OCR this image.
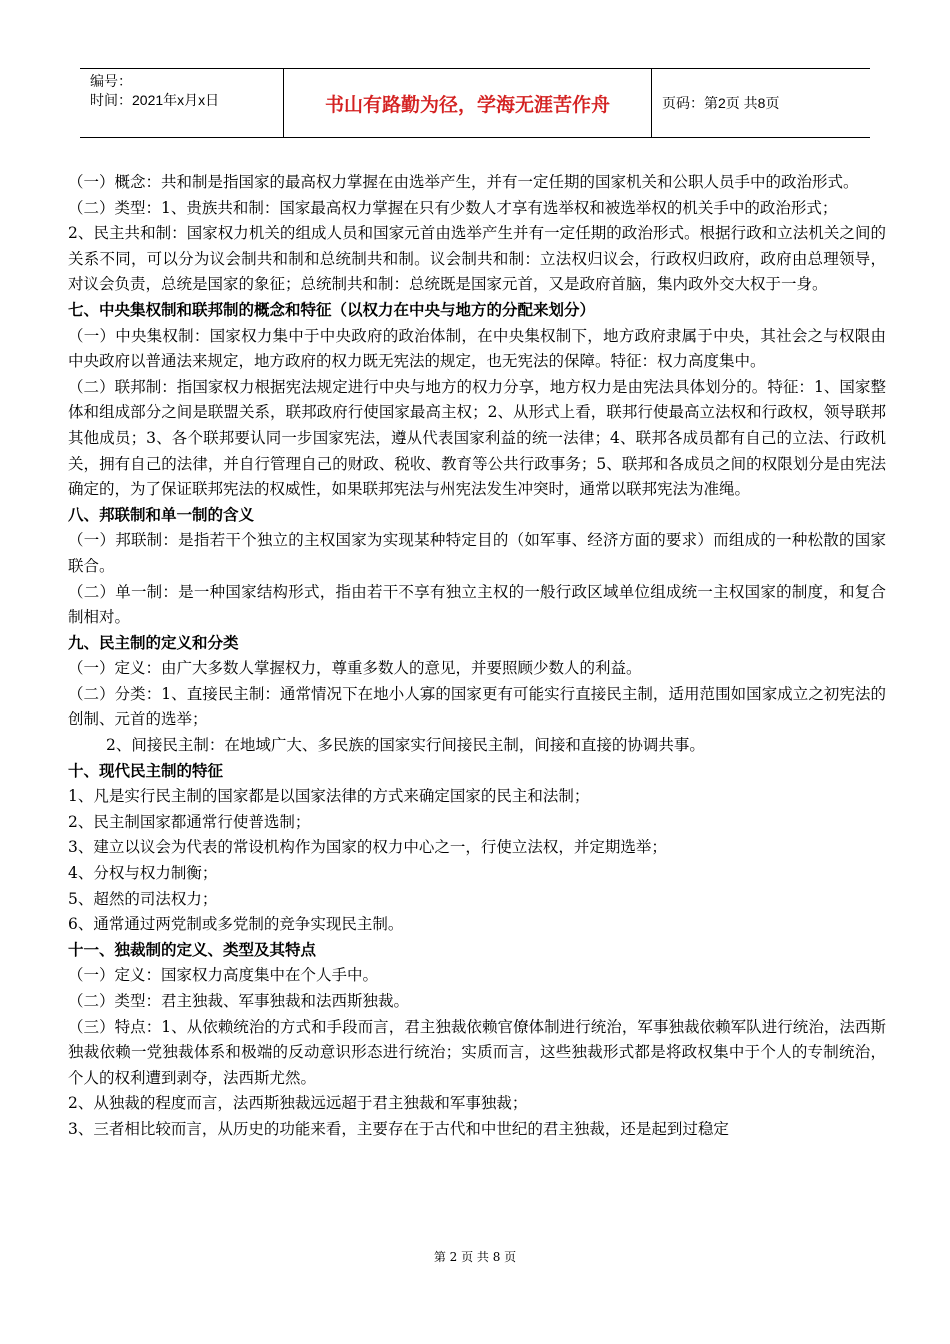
编号：
时间：2021年x月x日	书山有路勤为径，学海无涯苦作舟	页码：第2页 共8页

（一）概念：共和制是指国家的最高权力掌握在由选举产生，并有一定任期的国家机关和公职人员手中的政治形式。

（二）类型：1、贵族共和制：国家最高权力掌握在只有少数人才享有选举权和被选举权的机关手中的政治形式；

2、民主共和制：国家权力机关的组成人员和国家元首由选举产生并有一定任期的政治形式。根据行政和立法机关之间的关系不同，可以分为议会制共和制和总统制共和制。议会制共和制：立法权归议会，行政权归政府，政府由总理领导，对议会负责，总统是国家的象征；总统制共和制：总统既是国家元首，又是政府首脑，集内政外交大权于一身。

七、中央集权制和联邦制的概念和特征（以权力在中央与地方的分配来划分）

（一）中央集权制：国家权力集中于中央政府的政治体制，在中央集权制下，地方政府隶属于中央，其社会之与权限由中央政府以普通法来规定，地方政府的权力既无宪法的规定，也无宪法的保障。特征：权力高度集中。

（二）联邦制：指国家权力根据宪法规定进行中央与地方的权力分享，地方权力是由宪法具体划分的。特征：1、国家整体和组成部分之间是联盟关系，联邦政府行使国家最高主权；2、从形式上看，联邦行使最高立法权和行政权，领导联邦其他成员；3、各个联邦要认同一步国家宪法，遵从代表国家利益的统一法律；4、联邦各成员都有自己的立法、行政机关，拥有自己的法律，并自行管理自己的财政、税收、教育等公共行政事务；5、联邦和各成员之间的权限划分是由宪法确定的，为了保证联邦宪法的权威性，如果联邦宪法与州宪法发生冲突时，通常以联邦宪法为准绳。

八、邦联制和单一制的含义

（一）邦联制：是指若干个独立的主权国家为实现某种特定目的（如军事、经济方面的要求）而组成的一种松散的国家联合。

（二）单一制：是一种国家结构形式，指由若干不享有独立主权的一般行政区域单位组成统一主权国家的制度，和复合制相对。

九、民主制的定义和分类

（一）定义：由广大多数人掌握权力，尊重多数人的意见，并要照顾少数人的利益。

（二）分类：1、直接民主制：通常情况下在地小人寡的国家更有可能实行直接民主制，适用范围如国家成立之初宪法的创制、元首的选举；

2、间接民主制：在地域广大、多民族的国家实行间接民主制，间接和直接的协调共事。

十、现代民主制的特征

1、凡是实行民主制的国家都是以国家法律的方式来确定国家的民主和法制；

2、民主制国家都通常行使普选制；

3、建立以议会为代表的常设机构作为国家的权力中心之一，行使立法权，并定期选举；

4、分权与权力制衡；

5、超然的司法权力；

6、通常通过两党制或多党制的竞争实现民主制。

十一、独裁制的定义、类型及其特点

（一）定义：国家权力高度集中在个人手中。

（二）类型：君主独裁、军事独裁和法西斯独裁。

（三）特点：1、从依赖统治的方式和手段而言，君主独裁依赖官僚体制进行统治，军事独裁依赖军队进行统治，法西斯独裁依赖一党独裁体系和极端的反动意识形态进行统治；实质而言，这些独裁形式都是将政权集中于个人的专制统治，个人的权利遭到剥夺，法西斯尤然。

2、从独裁的程度而言，法西斯独裁远远超于君主独裁和军事独裁；

3、三者相比较而言，从历史的功能来看，主要存在于古代和中世纪的君主独裁，还是起到过稳定

第 2 页 共 8 页
